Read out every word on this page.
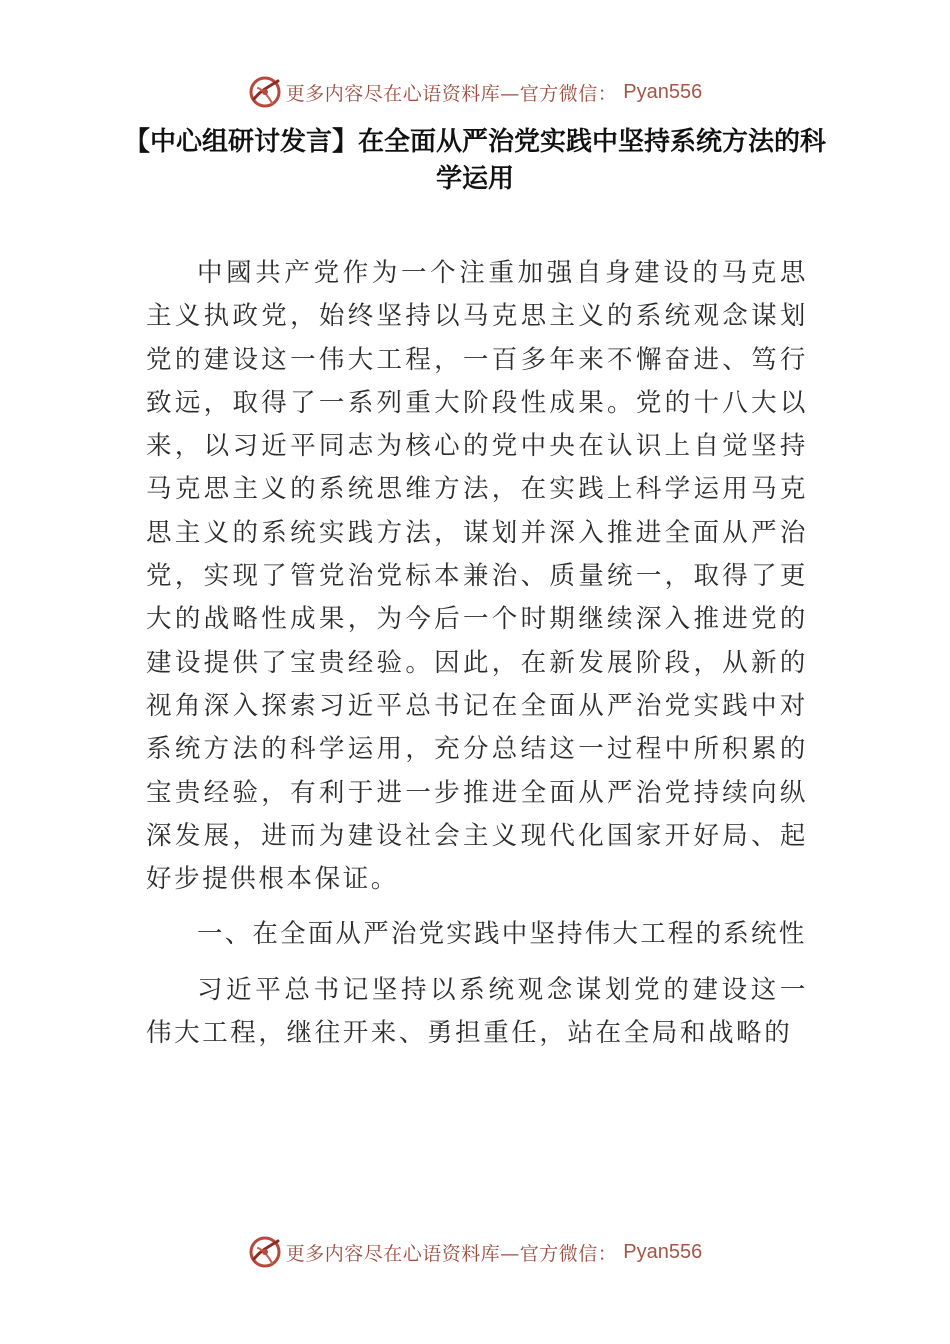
更多内容尽在心语资料库—官方微信： Pyan556
【中心组研讨发言】在全面从严治党实践中坚持系统方法的科学运用

中國共产党作为一个注重加强自身建设的马克思主义执政党，始终坚持以马克思主义的系统观念谋划党的建设这一伟大工程，一百多年来不懈奋进、笃行致远，取得了一系列重大阶段性成果。党的十八大以来，以习近平同志为核心的党中央在认识上自觉坚持马克思主义的系统思维方法，在实践上科学运用马克思主义的系统实践方法，谋划并深入推进全面从严治党，实现了管党治党标本兼治、质量统一，取得了更大的战略性成果，为今后一个时期继续深入推进党的建设提供了宝贵经验。因此，在新发展阶段，从新的视角深入探索习近平总书记在全面从严治党实践中对系统方法的科学运用，充分总结这一过程中所积累的宝贵经验，有利于进一步推进全面从严治党持续向纵深发展，进而为建设社会主义现代化国家开好局、起好步提供根本保证。

一、在全面从严治党实践中坚持伟大工程的系统性

习近平总书记坚持以系统观念谋划党的建设这一伟大工程，继往开来、勇担重任，站在全局和战略的

更多内容尽在心语资料库—官方微信： Pyan556
